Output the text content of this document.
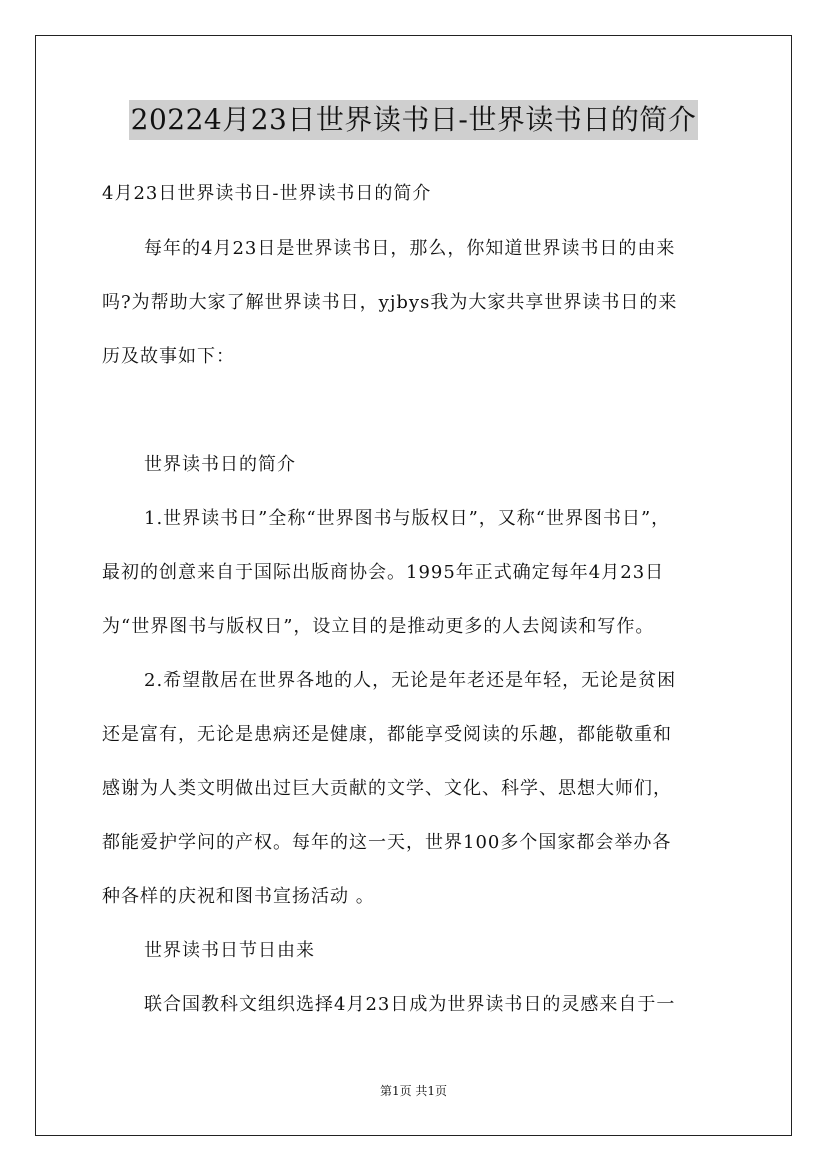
20224月23日世界读书日-世界读书日的简介
4月23日世界读书日-世界读书日的简介
每年的4月23日是世界读书日，那么，你知道世界读书日的由来
吗?为帮助大家了解世界读书日，yjbys我为大家共享世界读书日的来
历及故事如下：
世界读书日的简介
1.世界读书日”全称“世界图书与版权日”，又称“世界图书日”，
最初的创意来自于国际出版商协会。1995年正式确定每年4月23日
为“世界图书与版权日”，设立目的是推动更多的人去阅读和写作。
2.希望散居在世界各地的人，无论是年老还是年轻，无论是贫困
还是富有，无论是患病还是健康，都能享受阅读的乐趣，都能敬重和
感谢为人类文明做出过巨大贡献的文学、文化、科学、思想大师们，
都能爱护学问的产权。每年的这一天，世界100多个国家都会举办各
种各样的庆祝和图书宣扬活动 。
世界读书日节日由来
联合国教科文组织选择4月23日成为世界读书日的灵感来自于一
第1页 共1页
